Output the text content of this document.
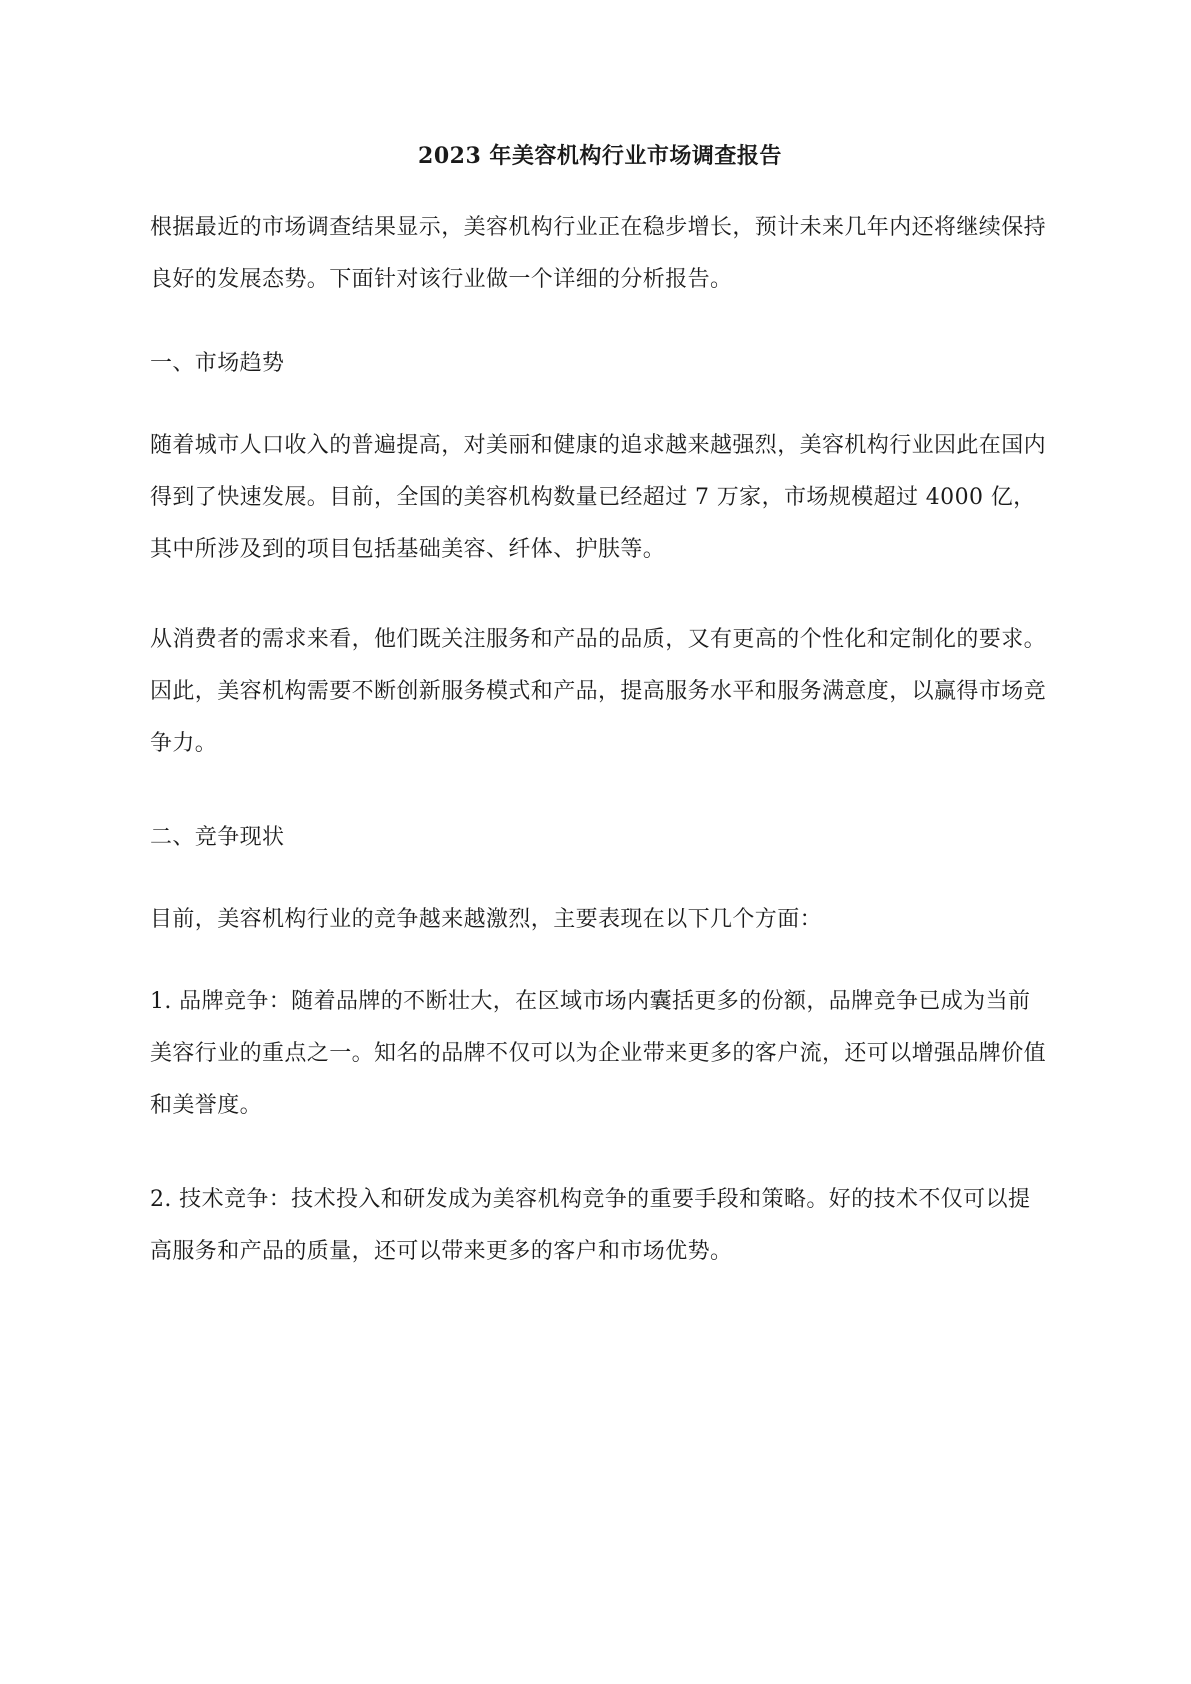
2023 年美容机构行业市场调查报告

根据最近的市场调查结果显示，美容机构行业正在稳步增长，预计未来几年内还将继续保持良好的发展态势。下面针对该行业做一个详细的分析报告。

一、市场趋势

随着城市人口收入的普遍提高，对美丽和健康的追求越来越强烈，美容机构行业因此在国内得到了快速发展。目前，全国的美容机构数量已经超过 7 万家，市场规模超过 4000 亿，其中所涉及到的项目包括基础美容、纤体、护肤等。

从消费者的需求来看，他们既关注服务和产品的品质，又有更高的个性化和定制化的要求。因此，美容机构需要不断创新服务模式和产品，提高服务水平和服务满意度，以赢得市场竞争力。

二、竞争现状

目前，美容机构行业的竞争越来越激烈，主要表现在以下几个方面：

1. 品牌竞争：随着品牌的不断壮大，在区域市场内囊括更多的份额，品牌竞争已成为当前美容行业的重点之一。知名的品牌不仅可以为企业带来更多的客户流，还可以增强品牌价值和美誉度。

2. 技术竞争：技术投入和研发成为美容机构竞争的重要手段和策略。好的技术不仅可以提高服务和产品的质量，还可以带来更多的客户和市场优势。
